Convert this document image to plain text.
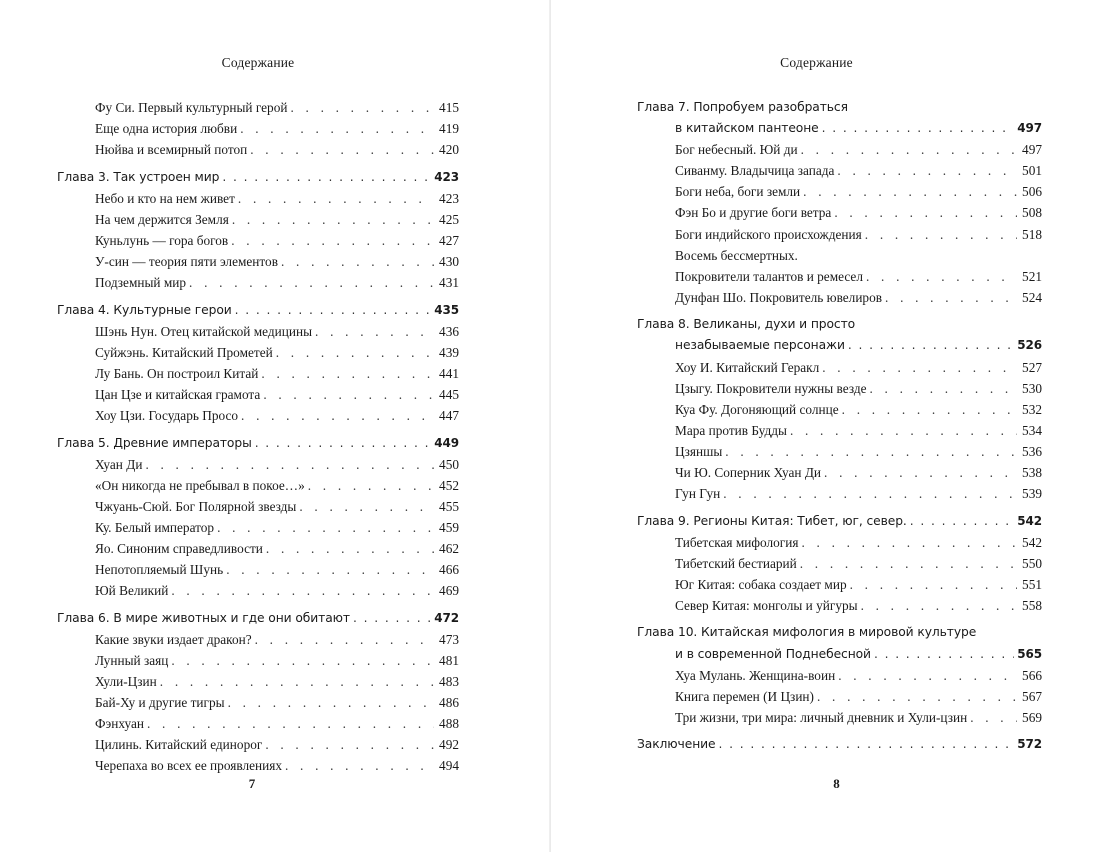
Содержание
Фу Си. Первый культурный герой . . .	415
Еще одна история любви . . .	419
Нюйва и всемирный потоп . . .	420
Глава 3. Так устроен мир . . .	423
Небо и кто на нем живет . . .	423
На чем держится Земля . . .	425
Куньлунь — гора богов . . .	427
У-син — теория пяти элементов . . .	430
Подземный мир . . .	431
Глава 4. Культурные герои . . .	435
Шэнь Нун. Отец китайской медицины . . .	436
Суйжэнь. Китайский Прометей . . .	439
Лу Бань. Он построил Китай . . .	441
Цан Цзе и китайская грамота . . .	445
Хоу Цзи. Государь Просо . . .	447
Глава 5. Древние императоры . . .	449
Хуан Ди . . .	450
«Он никогда не пребывал в покое…» . . .	452
Чжуань-Сюй. Бог Полярной звезды . . .	455
Ку. Белый император . . .	459
Яо. Синоним справедливости . . .	462
Непотопляемый Шунь . . .	466
Юй Великий . . .	469
Глава 6. В мире животных и где они обитают . . .	472
Какие звуки издает дракон? . . .	473
Лунный заяц . . .	481
Хули-Цзин . . .	483
Бай-Ху и другие тигры . . .	486
Фэнхуан . . .	488
Цилинь. Китайский единорог . . .	492
Черепаха во всех ее проявлениях . . .	494
7
Содержание
Глава 7. Попробуем разобраться
в китайском пантеоне . . .	497
Бог небесный. Юй ди . . .	497
Сиванму. Владычица запада . . .	501
Боги неба, боги земли . . .	506
Фэн Бо и другие боги ветра . . .	508
Боги индийского происхождения . . .	518
Восемь бессмертных.
Покровители талантов и ремесел . . .	521
Дунфан Шо. Покровитель ювелиров . . .	524
Глава 8. Великаны, духи и просто
незабываемые персонажи . . .	526
Хоу И. Китайский Геракл . . .	527
Цзыгу. Покровители нужны везде . . .	530
Куа Фу. Догоняющий солнце . . .	532
Мара против Будды . . .	534
Цзяншы . . .	536
Чи Ю. Соперник Хуан Ди . . .	538
Гун Гун . . .	539
Глава 9. Регионы Китая: Тибет, юг, север. . . .	542
Тибетская мифология . . .	542
Тибетский бестиарий . . .	550
Юг Китая: собака создает мир . . .	551
Север Китая: монголы и уйгуры . . .	558
Глава 10. Китайская мифология в мировой культуре
и в современной Поднебесной . . .	565
Хуа Мулань. Женщина-воин . . .	566
Книга перемен (И Цзин) . . .	567
Три жизни, три мира: личный дневник и Хули-цзин . . .	569
Заключение . . .	572
8
